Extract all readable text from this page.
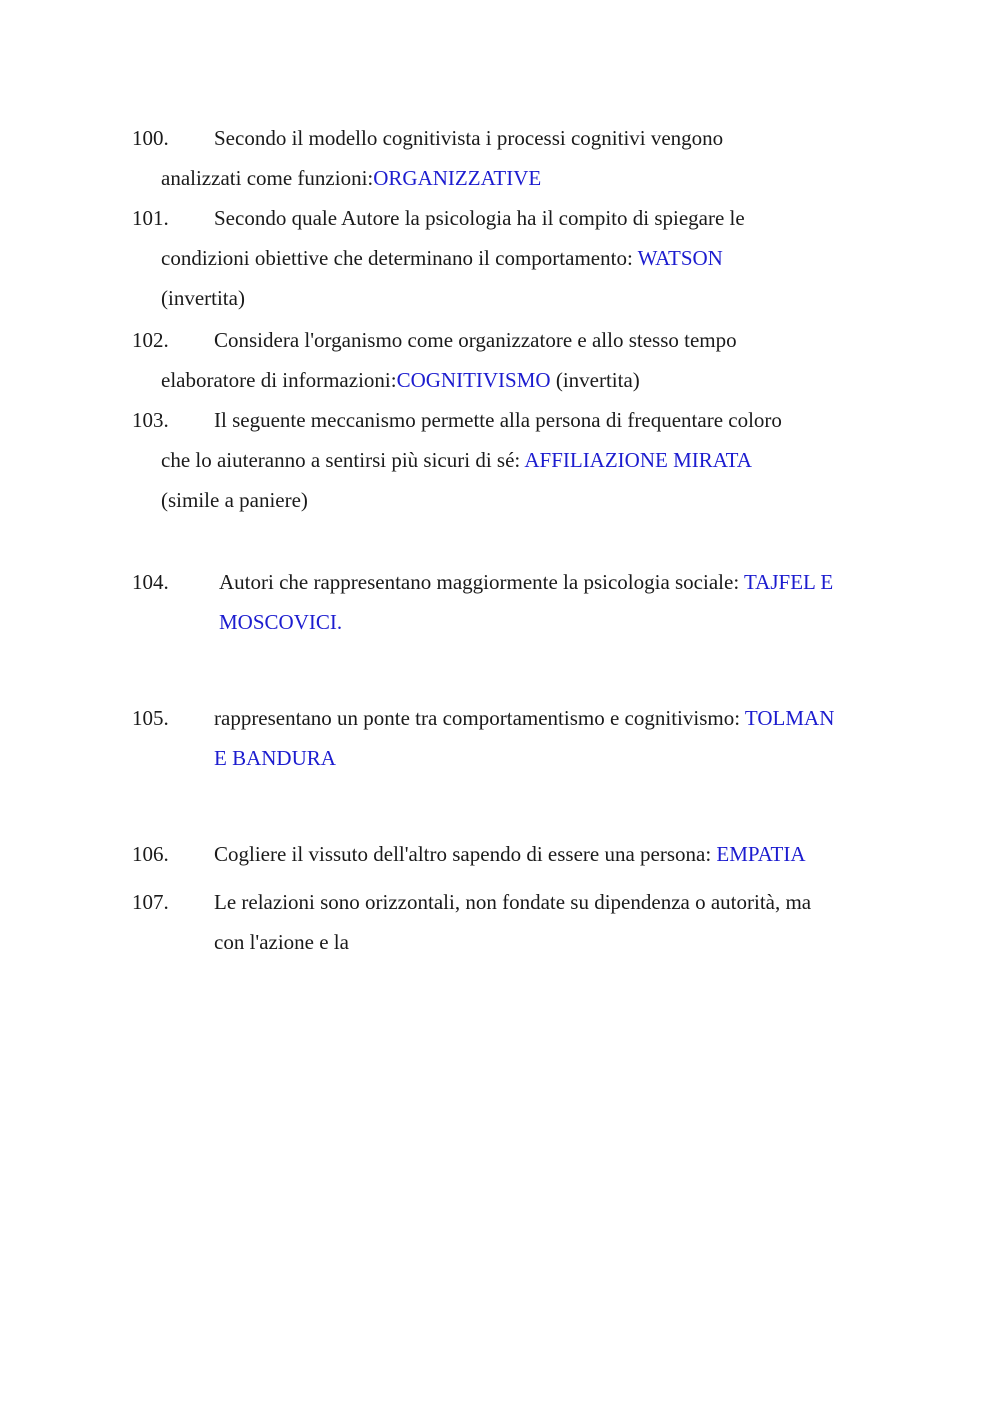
100. Secondo il modello cognitivista i processi cognitivi vengono
analizzati come funzioni:ORGANIZZATIVE
101. Secondo quale Autore la psicologia ha il compito di spiegare le
condizioni obiettive che determinano il comportamento: WATSON
(invertita)
102. Considera l'organismo come organizzatore e allo stesso tempo
elaboratore di informazioni:COGNITIVISMO (invertita)
103. Il seguente meccanismo permette alla persona di frequentare coloro
che lo aiuteranno a sentirsi più sicuri di sé: AFFILIAZIONE MIRATA
(simile a paniere)
104. Autori che rappresentano maggiormente la psicologia sociale: TAJFEL E
MOSCOVICI.
105. rappresentano un ponte tra comportamentismo e cognitivismo: TOLMAN
E BANDURA
106. Cogliere il vissuto dell'altro sapendo di essere una persona: EMPATIA
107. Le relazioni sono orizzontali, non fondate su dipendenza o autorità, ma
con l'azione e la
